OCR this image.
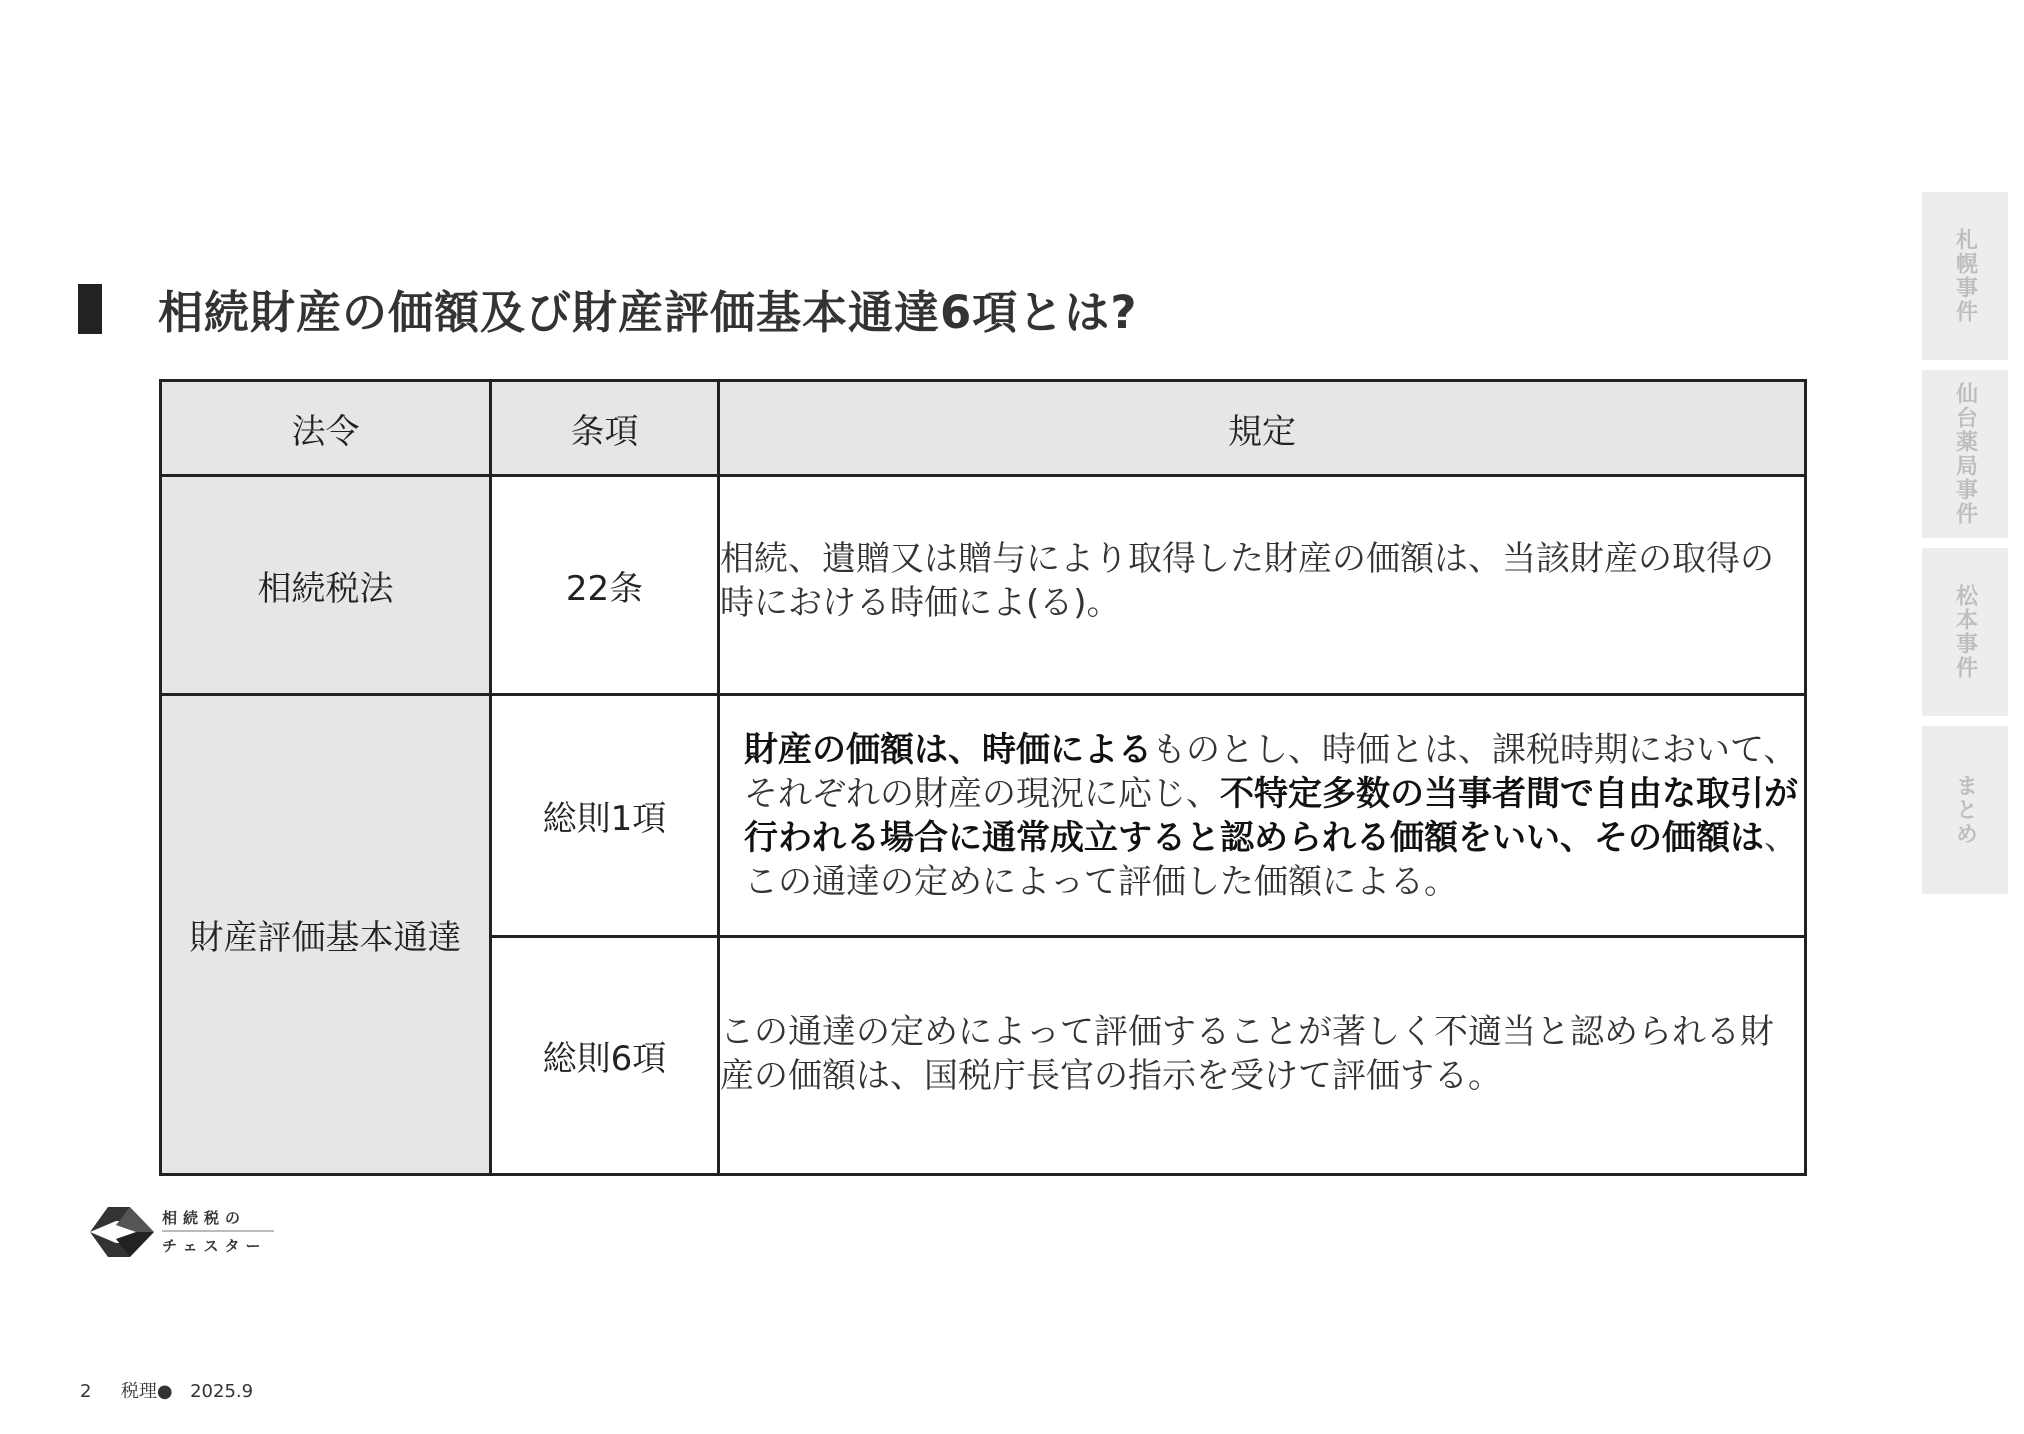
相続財産の価額及び財産評価基本通達6項とは?
法令	条項	規定
相続税法	22条	相続、遺贈又は贈与により取得した財産の価額は、当該財産の取得の時における時価によ(る)。

財産評価基本通達	総則1項	財産の価額は、時価によるものとし、時価とは、課税時期において、それぞれの財産の現況に応じ、不特定多数の当事者間で自由な取引が行われる場合に通常成立すると認められる価額をいい、その価額は、この通達の定めによって評価した価額による。

	総則6項	この通達の定めによって評価することが著しく不適当と認められる財産の価額は、国税庁長官の指示を受けて評価する。
札幌事件
仙台薬局事件
松本事件
まとめ
相続税の
チェスター
2 税理● 2025.9
